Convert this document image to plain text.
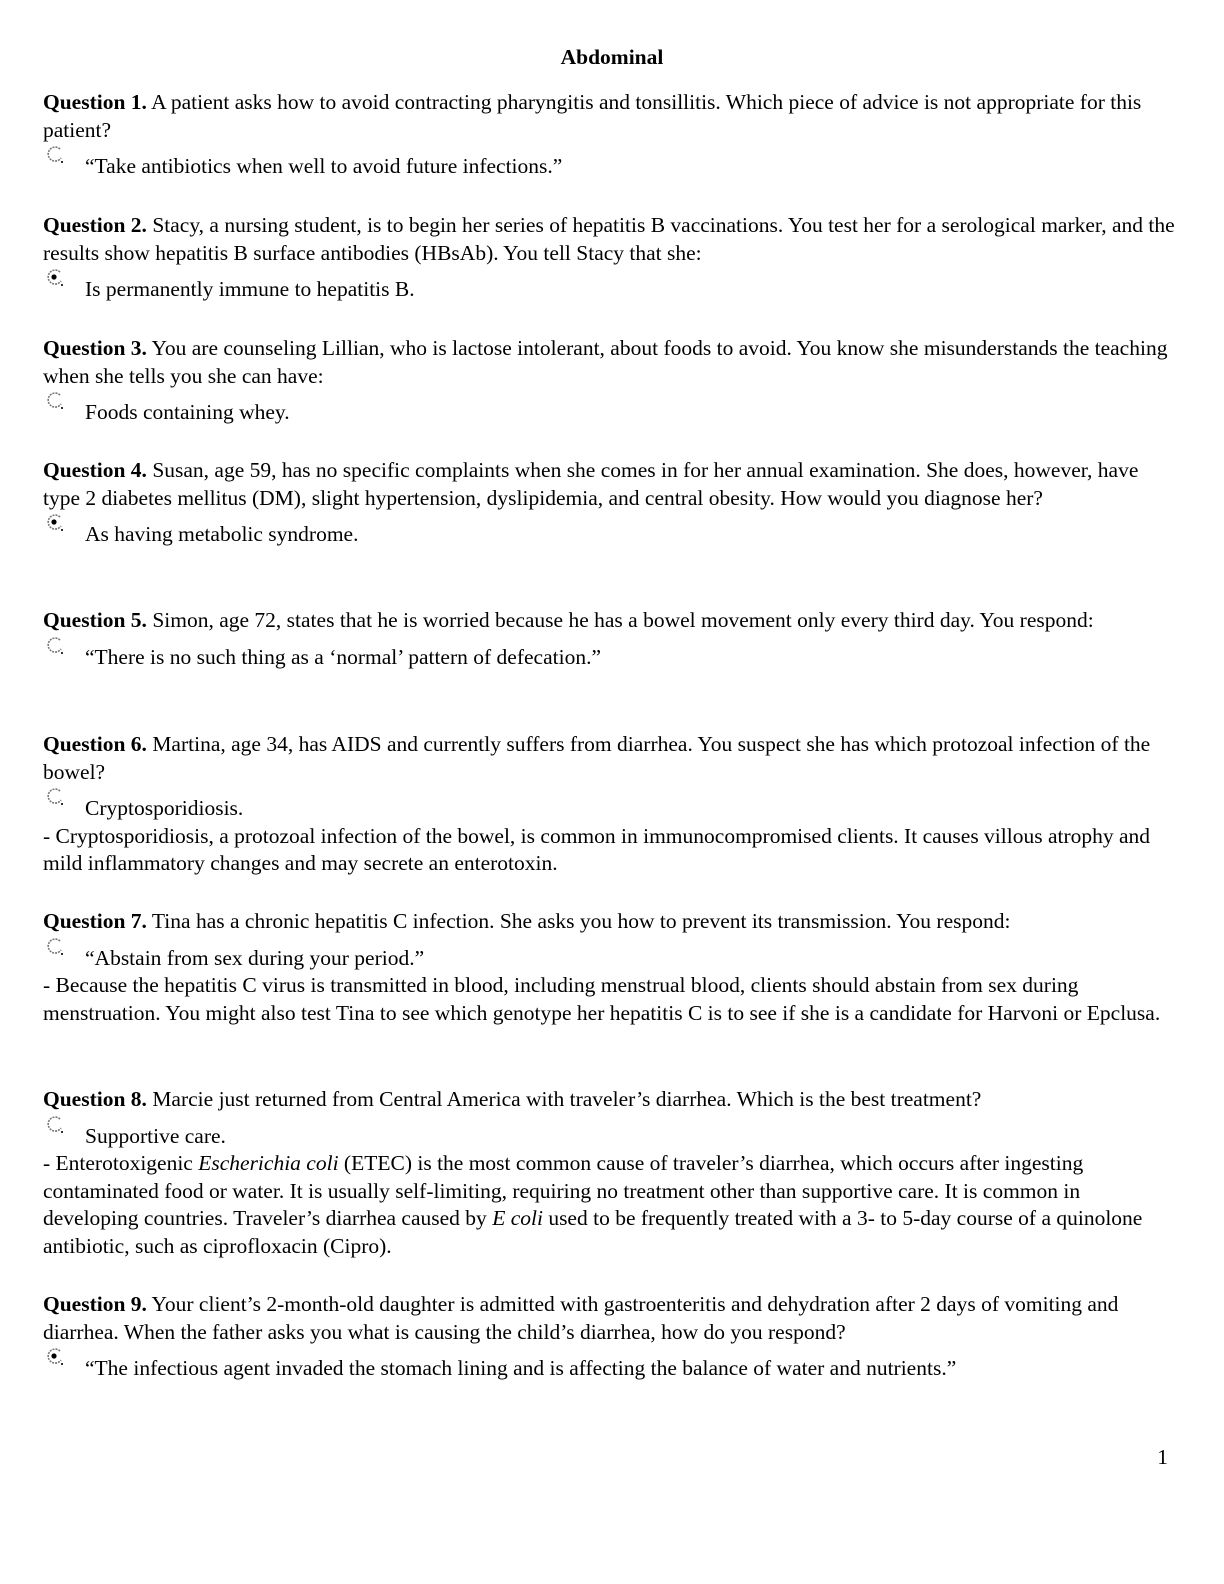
Abdominal

Question 1. A patient asks how to avoid contracting pharyngitis and tonsillitis. Which piece of advice is not appropriate for this patient?

“Take antibiotics when well to avoid future infections.”

Question 2. Stacy, a nursing student, is to begin her series of hepatitis B vaccinations. You test her for a serological marker, and the results show hepatitis B surface antibodies (HBsAb). You tell Stacy that she:

Is permanently immune to hepatitis B.

Question 3. You are counseling Lillian, who is lactose intolerant, about foods to avoid. You know she misunderstands the teaching when she tells you she can have:

Foods containing whey.

Question 4. Susan, age 59, has no specific complaints when she comes in for her annual examination. She does, however, have type 2 diabetes mellitus (DM), slight hypertension, dyslipidemia, and central obesity. How would you diagnose her?

As having metabolic syndrome.

Question 5. Simon, age 72, states that he is worried because he has a bowel movement only every third day. You respond:

“There is no such thing as a ‘normal’ pattern of defecation.”

Question 6. Martina, age 34, has AIDS and currently suffers from diarrhea. You suspect she has which protozoal infection of the bowel?

Cryptosporidiosis.

- Cryptosporidiosis, a protozoal infection of the bowel, is common in immunocompromised clients. It causes villous atrophy and mild inflammatory changes and may secrete an enterotoxin.

Question 7. Tina has a chronic hepatitis C infection. She asks you how to prevent its transmission. You respond:

“Abstain from sex during your period.”

- Because the hepatitis C virus is transmitted in blood, including menstrual blood, clients should abstain from sex during menstruation. You might also test Tina to see which genotype her hepatitis C is to see if she is a candidate for Harvoni or Epclusa.

Question 8. Marcie just returned from Central America with traveler’s diarrhea. Which is the best treatment?

Supportive care.

- Enterotoxigenic Escherichia coli (ETEC) is the most common cause of traveler’s diarrhea, which occurs after ingesting contaminated food or water. It is usually self-limiting, requiring no treatment other than supportive care. It is common in developing countries. Traveler’s diarrhea caused by E coli used to be frequently treated with a 3- to 5-day course of a quinolone antibiotic, such as ciprofloxacin (Cipro).

Question 9. Your client’s 2-month-old daughter is admitted with gastroenteritis and dehydration after 2 days of vomiting and diarrhea. When the father asks you what is causing the child’s diarrhea, how do you respond?

“The infectious agent invaded the stomach lining and is affecting the balance of water and nutrients.”
1
